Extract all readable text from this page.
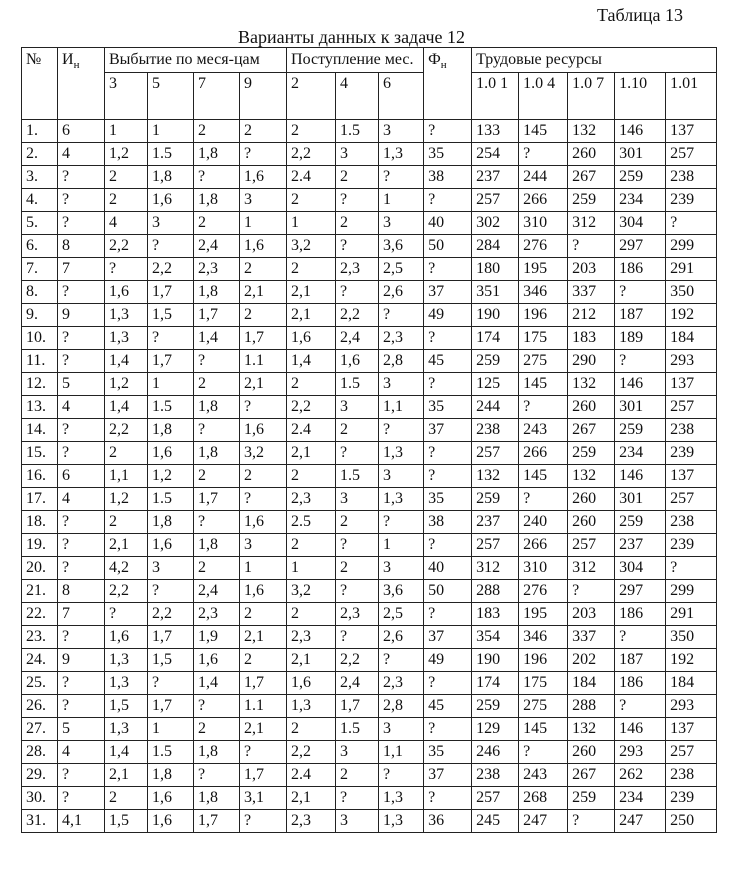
Таблица 13
Варианты данных к задаче 12
№	$И_н$	Выбытие по меся-цам				Поступление мес.			$Ф_н$	Трудовые ресурсы				
		3	5	7	9	2	4	6		1.0 1	1.0 4	1.0 7	1.10	1.01
1.	6	1	1	2	2	2	1.5	3	?	133	145	132	146	137
2.	4	1,2	1.5	1,8	?	2,2	3	1,3	35	254	?	260	301	257
3.	?	2	1,8	?	1,6	2.4	2	?	38	237	244	267	259	238
4.	?	2	1,6	1,8	3	2	?	1	?	257	266	259	234	239
5.	?	4	3	2	1	1	2	3	40	302	310	312	304	?
6.	8	2,2	?	2,4	1,6	3,2	?	3,6	50	284	276	?	297	299
7.	7	?	2,2	2,3	2	2	2,3	2,5	?	180	195	203	186	291
8.	?	1,6	1,7	1,8	2,1	2,1	?	2,6	37	351	346	337	?	350
9.	9	1,3	1,5	1,7	2	2,1	2,2	?	49	190	196	212	187	192
10.	?	1,3	?	1,4	1,7	1,6	2,4	2,3	?	174	175	183	189	184
11.	?	1,4	1,7	?	1.1	1,4	1,6	2,8	45	259	275	290	?	293
12.	5	1,2	1	2	2,1	2	1.5	3	?	125	145	132	146	137
13.	4	1,4	1.5	1,8	?	2,2	3	1,1	35	244	?	260	301	257
14.	?	2,2	1,8	?	1,6	2.4	2	?	37	238	243	267	259	238
15.	?	2	1,6	1,8	3,2	2,1	?	1,3	?	257	266	259	234	239
16.	6	1,1	1,2	2	2	2	1.5	3	?	132	145	132	146	137
17.	4	1,2	1.5	1,7	?	2,3	3	1,3	35	259	?	260	301	257
18.	?	2	1,8	?	1,6	2.5	2	?	38	237	240	260	259	238
19.	?	2,1	1,6	1,8	3	2	?	1	?	257	266	257	237	239
20.	?	4,2	3	2	1	1	2	3	40	312	310	312	304	?
21.	8	2,2	?	2,4	1,6	3,2	?	3,6	50	288	276	?	297	299
22.	7	?	2,2	2,3	2	2	2,3	2,5	?	183	195	203	186	291
23.	?	1,6	1,7	1,9	2,1	2,3	?	2,6	37	354	346	337	?	350
24.	9	1,3	1,5	1,6	2	2,1	2,2	?	49	190	196	202	187	192
25.	?	1,3	?	1,4	1,7	1,6	2,4	2,3	?	174	175	184	186	184
26.	?	1,5	1,7	?	1.1	1,3	1,7	2,8	45	259	275	288	?	293
27.	5	1,3	1	2	2,1	2	1.5	3	?	129	145	132	146	137
28.	4	1,4	1.5	1,8	?	2,2	3	1,1	35	246	?	260	293	257
29.	?	2,1	1,8	?	1,7	2.4	2	?	37	238	243	267	262	238
30.	?	2	1,6	1,8	3,1	2,1	?	1,3	?	257	268	259	234	239
31.	4,1	1,5	1,6	1,7	?	2,3	3	1,3	36	245	247	?	247	250
